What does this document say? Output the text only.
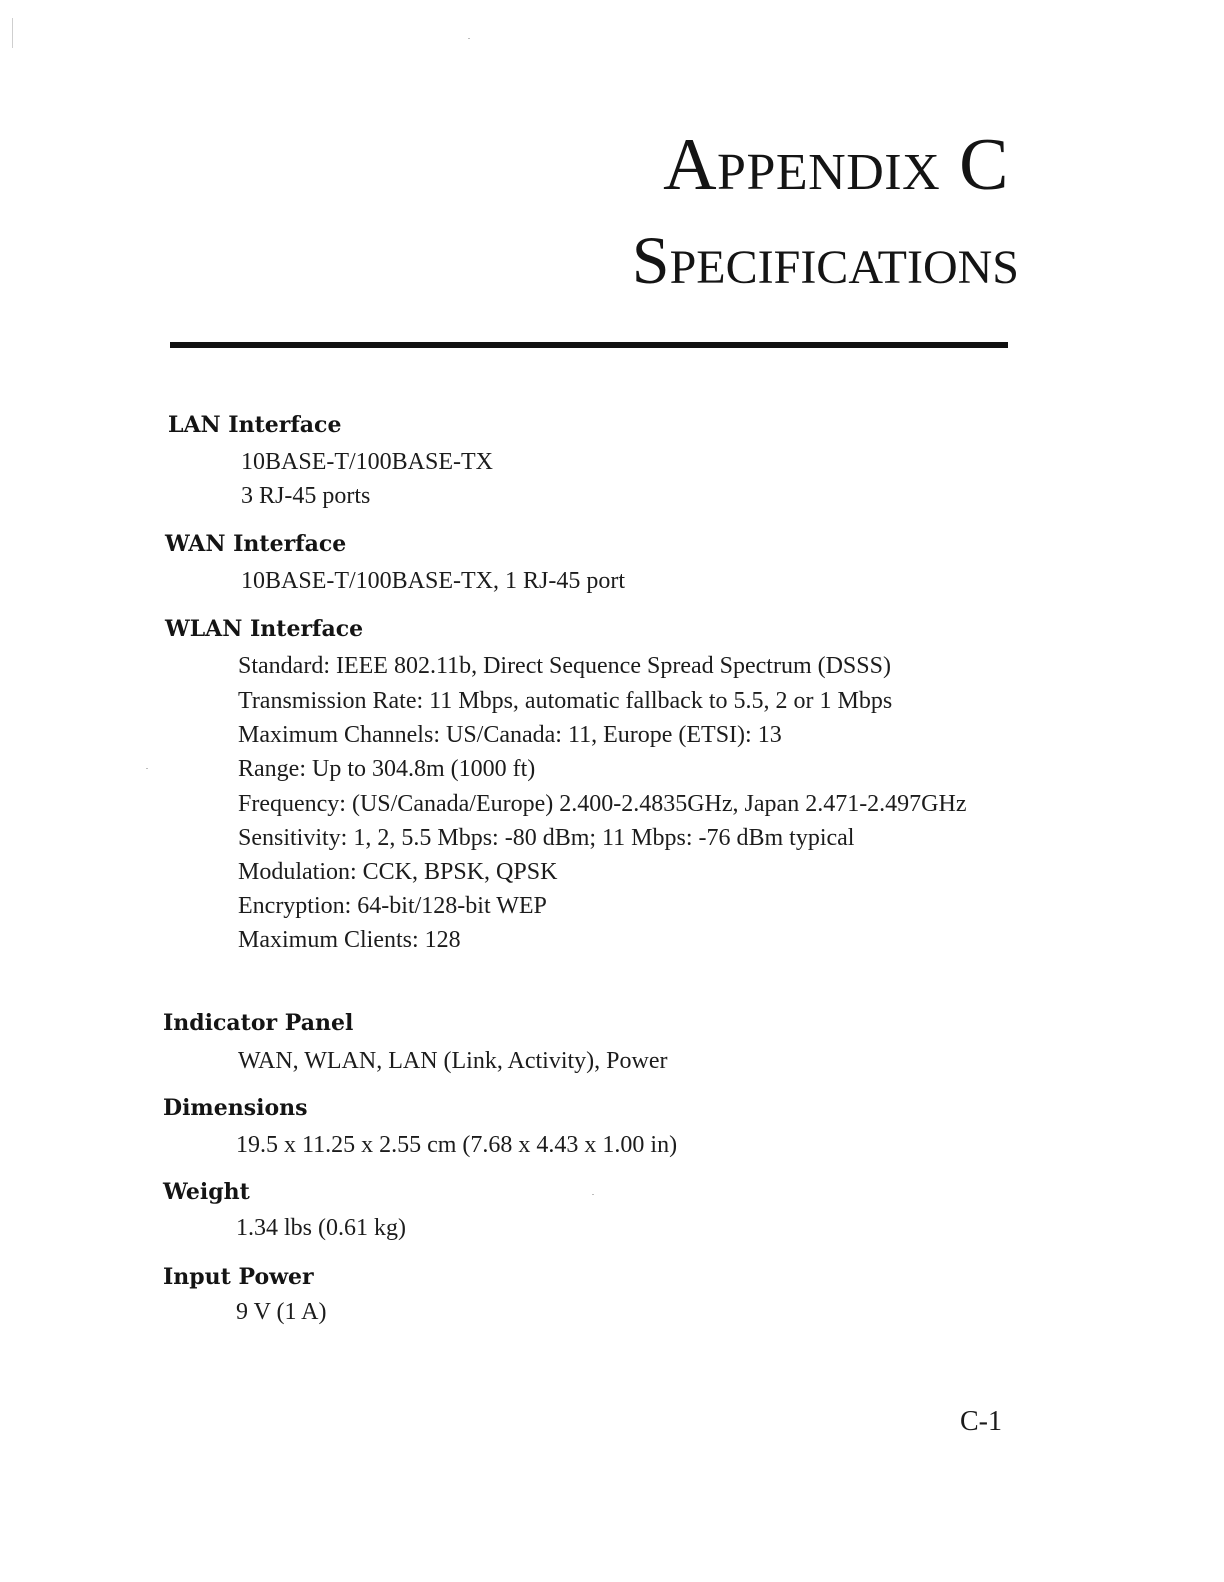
Appendix C
Specifications
LAN Interface
10BASE-T/100BASE-TX
3 RJ-45 ports
WAN Interface
10BASE-T/100BASE-TX, 1 RJ-45 port
WLAN Interface
Standard: IEEE 802.11b, Direct Sequence Spread Spectrum (DSSS)
Transmission Rate: 11 Mbps, automatic fallback to 5.5, 2 or 1 Mbps
Maximum Channels: US/Canada: 11, Europe (ETSI): 13
Range: Up to 304.8m (1000 ft)
Frequency: (US/Canada/Europe) 2.400-2.4835GHz, Japan 2.471-2.497GHz
Sensitivity: 1, 2, 5.5 Mbps: -80 dBm; 11 Mbps: -76 dBm typical
Modulation: CCK, BPSK, QPSK
Encryption: 64-bit/128-bit WEP
Maximum Clients: 128
Indicator Panel
WAN, WLAN, LAN (Link, Activity), Power
Dimensions
19.5 x 11.25 x 2.55 cm (7.68 x 4.43 x 1.00 in)
Weight
1.34 lbs (0.61 kg)
Input Power
9 V (1 A)
C-1
